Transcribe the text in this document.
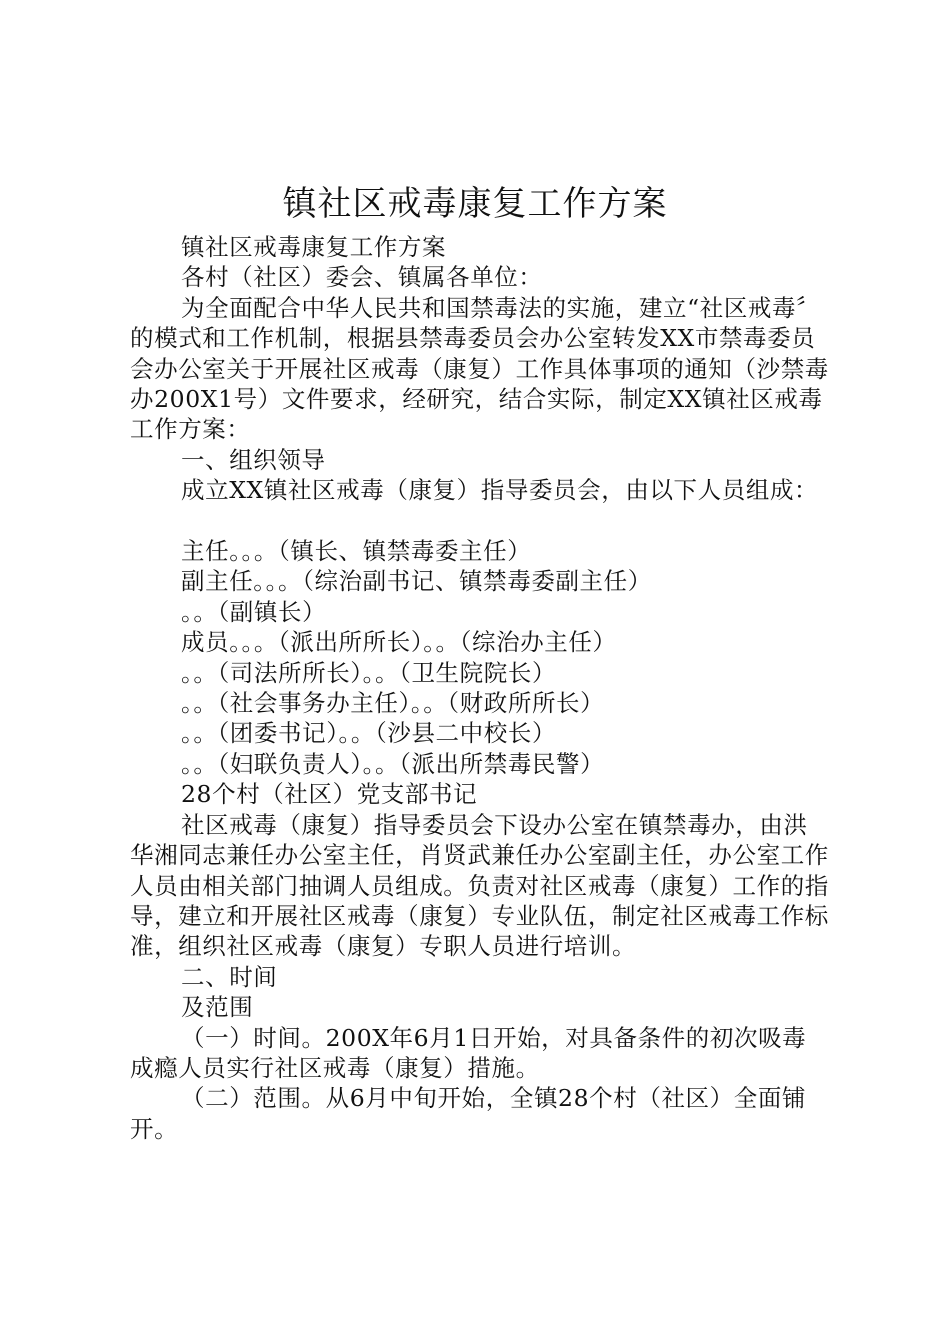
镇社区戒毒康复工作方案

镇社区戒毒康复工作方案

各村（社区）委会、镇属各单位：

为全面配合中华人民共和国禁毒法的实施，建立“社区戒毒〞的模式和工作机制，根据县禁毒委员会办公室转发XX市禁毒委员会办公室关于开展社区戒毒（康复）工作具体事项的通知（沙禁毒办200X1号）文件要求，经研究，结合实际，制定XX镇社区戒毒工作方案：

一、组织领导

成立XX镇社区戒毒（康复）指导委员会，由以下人员组成：

主任。。。（镇长、镇禁毒委主任）

副主任。。。（综治副书记、镇禁毒委副主任）

。。（副镇长）

成员。。。（派出所所长）。。（综治办主任）

。。（司法所所长）。。（卫生院院长）

。。（社会事务办主任）。。（财政所所长）

。。（团委书记）。。（沙县二中校长）

。。（妇联负责人）。。（派出所禁毒民警）

28个村（社区）党支部书记

社区戒毒（康复）指导委员会下设办公室在镇禁毒办，由洪华湘同志兼任办公室主任，肖贤武兼任办公室副主任，办公室工作人员由相关部门抽调人员组成。负责对社区戒毒（康复）工作的指导，建立和开展社区戒毒（康复）专业队伍，制定社区戒毒工作标准，组织社区戒毒（康复）专职人员进行培训。

二、时间

及范围

（一）时间。200X年6月1日开始，对具备条件的初次吸毒成瘾人员实行社区戒毒（康复）措施。

（二）范围。从6月中旬开始，全镇28个村（社区）全面铺开。
